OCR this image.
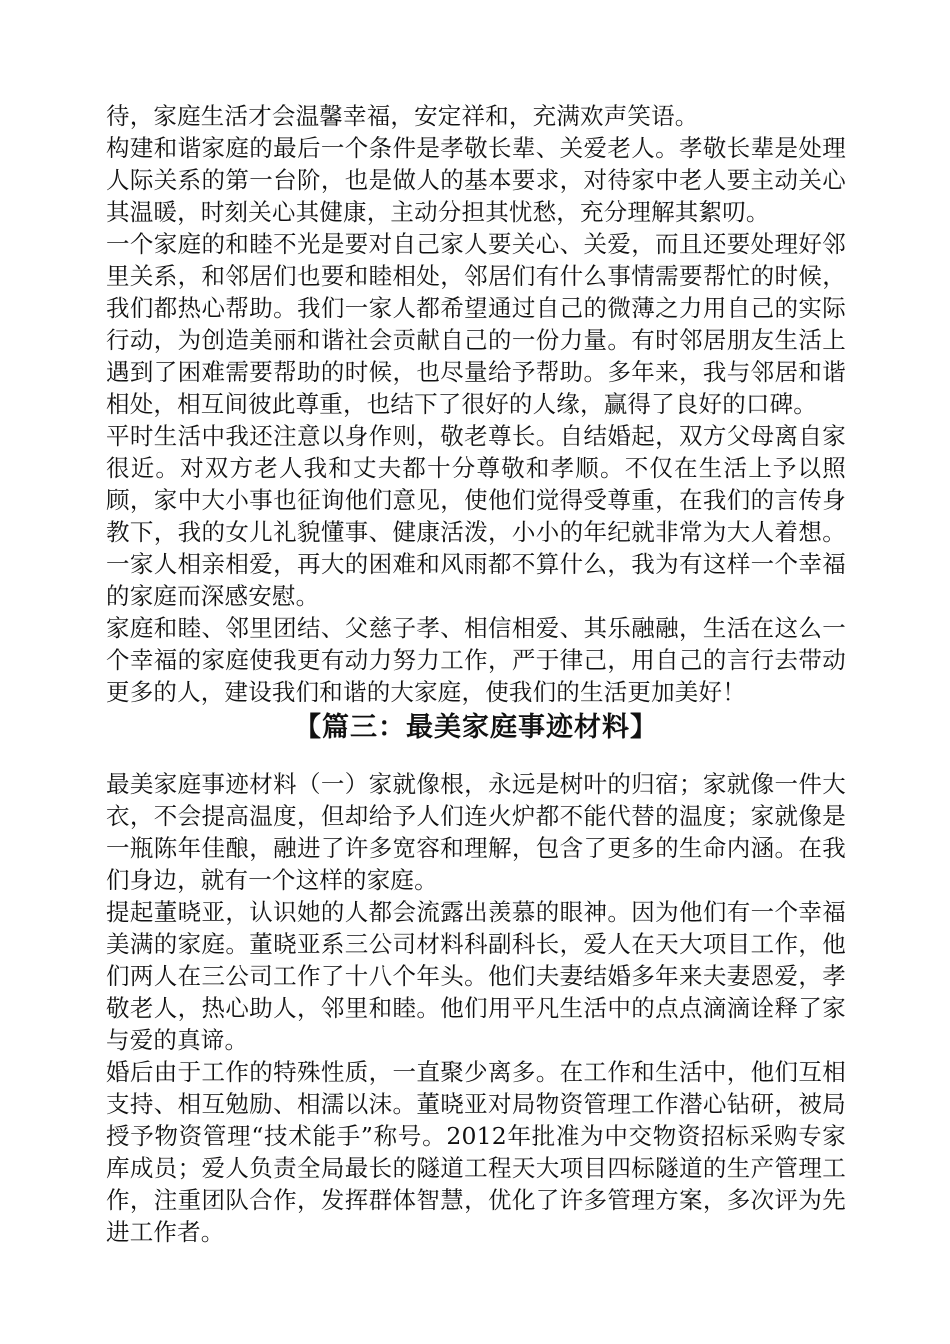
待，家庭生活才会温馨幸福，安定祥和，充满欢声笑语。

构建和谐家庭的最后一个条件是孝敬长辈、关爱老人。孝敬长辈是处理人际关系的第一台阶，也是做人的基本要求，对待家中老人要主动关心其温暖，时刻关心其健康，主动分担其忧愁，充分理解其絮叨。

一个家庭的和睦不光是要对自己家人要关心、关爱，而且还要处理好邻里关系，和邻居们也要和睦相处，邻居们有什么事情需要帮忙的时候，我们都热心帮助。我们一家人都希望通过自己的微薄之力用自己的实际行动，为创造美丽和谐社会贡献自己的一份力量。有时邻居朋友生活上遇到了困难需要帮助的时候，也尽量给予帮助。多年来，我与邻居和谐相处，相互间彼此尊重，也结下了很好的人缘，赢得了良好的口碑。

平时生活中我还注意以身作则，敬老尊长。自结婚起，双方父母离自家很近。对双方老人我和丈夫都十分尊敬和孝顺。不仅在生活上予以照顾，家中大小事也征询他们意见，使他们觉得受尊重，在我们的言传身教下，我的女儿礼貌懂事、健康活泼，小小的年纪就非常为大人着想。一家人相亲相爱，再大的困难和风雨都不算什么，我为有这样一个幸福的家庭而深感安慰。

家庭和睦、邻里团结、父慈子孝、相信相爱、其乐融融，生活在这么一个幸福的家庭使我更有动力努力工作，严于律己，用自己的言行去带动更多的人，建设我们和谐的大家庭，使我们的生活更加美好！

【篇三：最美家庭事迹材料】

最美家庭事迹材料（一）家就像根，永远是树叶的归宿；家就像一件大衣，不会提高温度，但却给予人们连火炉都不能代替的温度；家就像是一瓶陈年佳酿，融进了许多宽容和理解，包含了更多的生命内涵。在我们身边，就有一个这样的家庭。

提起董晓亚，认识她的人都会流露出羡慕的眼神。因为他们有一个幸福美满的家庭。董晓亚系三公司材料科副科长，爱人在天大项目工作，他们两人在三公司工作了十八个年头。他们夫妻结婚多年来夫妻恩爱，孝敬老人，热心助人，邻里和睦。他们用平凡生活中的点点滴滴诠释了家与爱的真谛。

婚后由于工作的特殊性质，一直聚少离多。在工作和生活中，他们互相支持、相互勉励、相濡以沫。董晓亚对局物资管理工作潜心钻研，被局授予物资管理“技术能手”称号。2012年批准为中交物资招标采购专家库成员；爱人负责全局最长的隧道工程天大项目四标隧道的生产管理工作，注重团队合作，发挥群体智慧，优化了许多管理方案，多次评为先进工作者。
